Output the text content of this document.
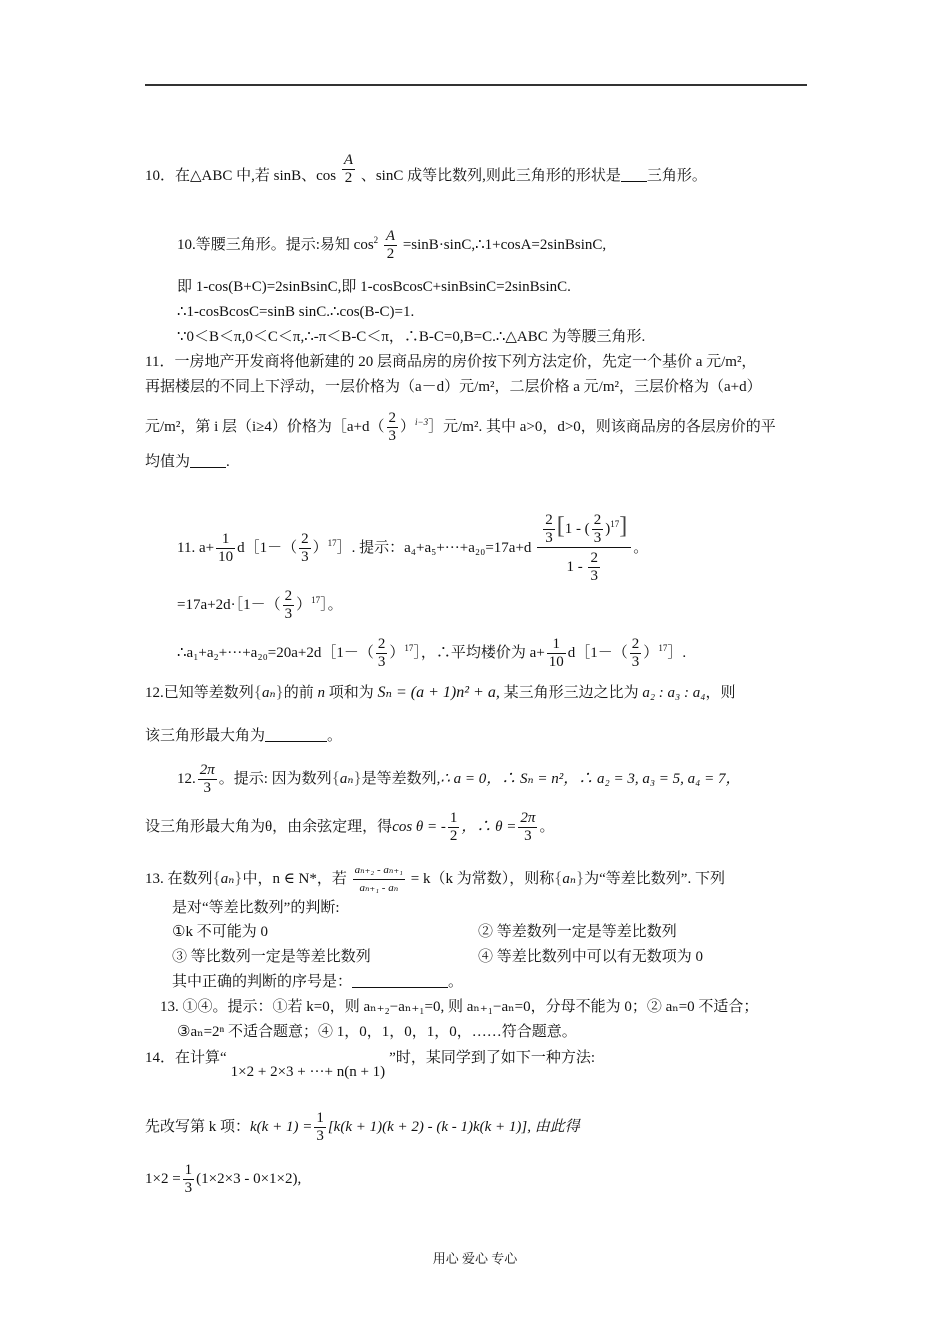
10．在△ABC 中,若 sinB、$\cos \frac{A}{2}$ 、sinC 成等比数列,则此三角形的形状是 三角形。
10.等腰三角形。提示:易知 $\cos^2 \frac{A}{2}$ =sinB·sinC,∴1+cosA=2sinBsinC,
即 1-cos(B+C)=2sinBsinC,即 1-cosBcosC+sinBsinC=2sinBsinC.
∴1-cosBcosC=sinB sinC.∴cos(B-C)=1.
∵0＜B＜π,0＜C＜π,∴-π＜B-C＜π，∴B-C=0,B=C.∴△ABC 为等腰三角形.
11．一房地产开发商将他新建的 20 层商品房的房价按下列方法定价，先定一个基价 a 元/m²，
再据楼层的不同上下浮动，一层价格为（a－d）元/m²，二层价格 a 元/m²，三层价格为（a+d）
元/m²，第 i 层（i≥4）价格为［a+d（ $\frac{2}{3}$ ）$^{i-3}$］元/m². 其中 a>0，d>0，则该商品房的各层房价的平
均值为 .
11. $a+ \frac{1}{10}$ d［1－（ $\frac{2}{3}$ ）$^{17}$］. 提示：$a_4+a_5+\cdot\cdot\cdot+a_{20}=17a+d \frac{\frac{2}{3} [1 - ( \frac{2}{3} )^{17}]}{1 - \frac{2}{3}}$ 。
=17a+2d·［1－（ $\frac{2}{3}$ ）$^{17}$］。
∴a₁+a₂+···+a₂₀=20a+2d［1－（ $\frac{2}{3}$ ）$^{17}$］，∴平均楼价为 $a+ \frac{1}{10}$ d［1－（ $\frac{2}{3}$ ）$^{17}$］.
12.已知等差数列{aₙ}的前 n 项和为 Sₙ = (a + 1)n² + a, 某三角形三边之比为 a₂ : a₃ : a₄，则
该三角形最大角为	。
12. $\frac{2\pi}{3}$ 。提示: 因为数列{aₙ}是等差数列,∴ a = 0，∴ Sₙ = n²，∴ a₂ = 3, a₃ = 5, a₄ = 7，
设三角形最大角为θ，由余弦定理，得cos θ = - $\frac{1}{2}$ ，∴ $\theta = \frac{2\pi}{3}$ 。
13. 在数列{aₙ}中，n ∈ N*，若 $\frac{\text{aₙ₊₂ - aₙ₊₁}}{\text{aₙ₊₁ - aₙ}} = k(k$ 为常数），则称{aₙ}为“等差比数列”. 下列
是对“等差比数列”的判断:
①k 不可能为 0	② 等差数列一定是等差比数列
③ 等比数列一定是等差比数列	④ 等差比数列中可以有无数项为 0
其中正确的判断的序号是：	。
13. ①④。提示：①若 k=0，则 aₙ₊₂−aₙ₊₁=0, 则 aₙ₊₁−aₙ=0，分母不能为 0；② aₙ=0 不适合；
③aₙ=2ⁿ 不适合题意；④ 1，0，1，0，1，0，……符合题意。
14．在计算“1×2 + 2×3 + ···+ n(n + 1)”时，某同学到了如下一种方法:
先改写第 k 项：$k(k + 1) = \frac{1}{3} [k(k + 1)(k + 2) - (k - 1)k(k + 1)]$, 由此得
$1\times 2 = \frac{1}{3} (1\times 2\times 3 - 0\times 1\times 2)$,
用心 爱心 专心
